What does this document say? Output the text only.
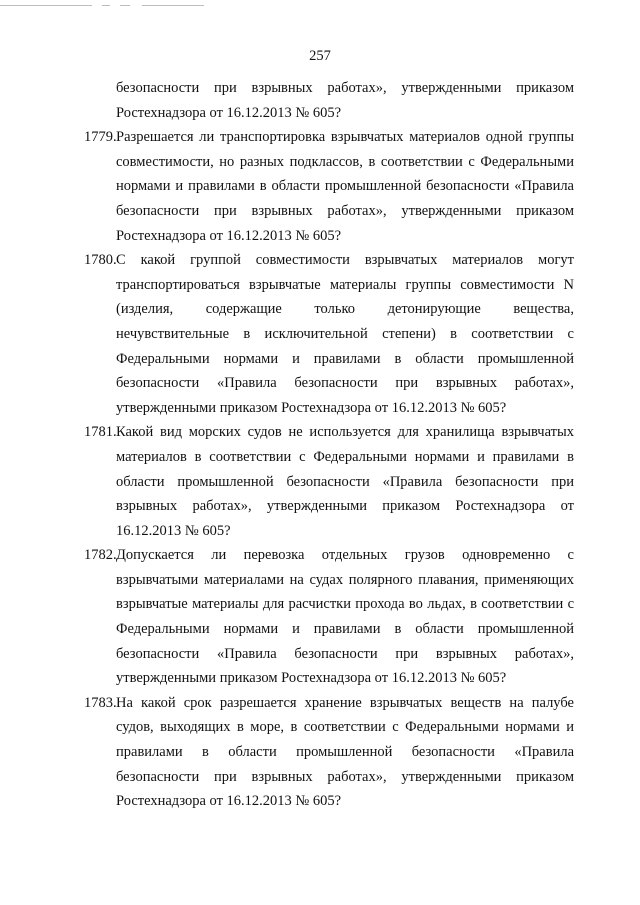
257

безопасности при взрывных работах», утвержденными приказом Ростехнадзора от 16.12.2013 № 605?

1779.Разрешается ли транспортировка взрывчатых материалов одной группы совместимости, но разных подклассов, в соответствии с Федеральными нормами и правилами в области промышленной безопасности «Правила безопасности при взрывных работах», утвержденными приказом Ростехнадзора от 16.12.2013 № 605?

1780.С какой группой совместимости взрывчатых материалов могут транспортироваться взрывчатые материалы группы совместимости N (изделия, содержащие только детонирующие вещества, нечувствительные в исключительной степени) в соответствии с Федеральными нормами и правилами в области промышленной безопасности «Правила безопасности при взрывных работах», утвержденными приказом Ростехнадзора от 16.12.2013 № 605?

1781.Какой вид морских судов не используется для хранилища взрывчатых материалов в соответствии с Федеральными нормами и правилами в области промышленной безопасности «Правила безопасности при взрывных работах», утвержденными приказом Ростехнадзора от 16.12.2013 № 605?

1782.Допускается ли перевозка отдельных грузов одновременно с взрывчатыми материалами на судах полярного плавания, применяющих взрывчатые материалы для расчистки прохода во льдах, в соответствии с Федеральными нормами и правилами в области промышленной безопасности «Правила безопасности при взрывных работах», утвержденными приказом Ростехнадзора от 16.12.2013 № 605?

1783.На какой срок разрешается хранение взрывчатых веществ на палубе судов, выходящих в море, в соответствии с Федеральными нормами и правилами в области промышленной безопасности «Правила безопасности при взрывных работах», утвержденными приказом Ростехнадзора от 16.12.2013 № 605?
